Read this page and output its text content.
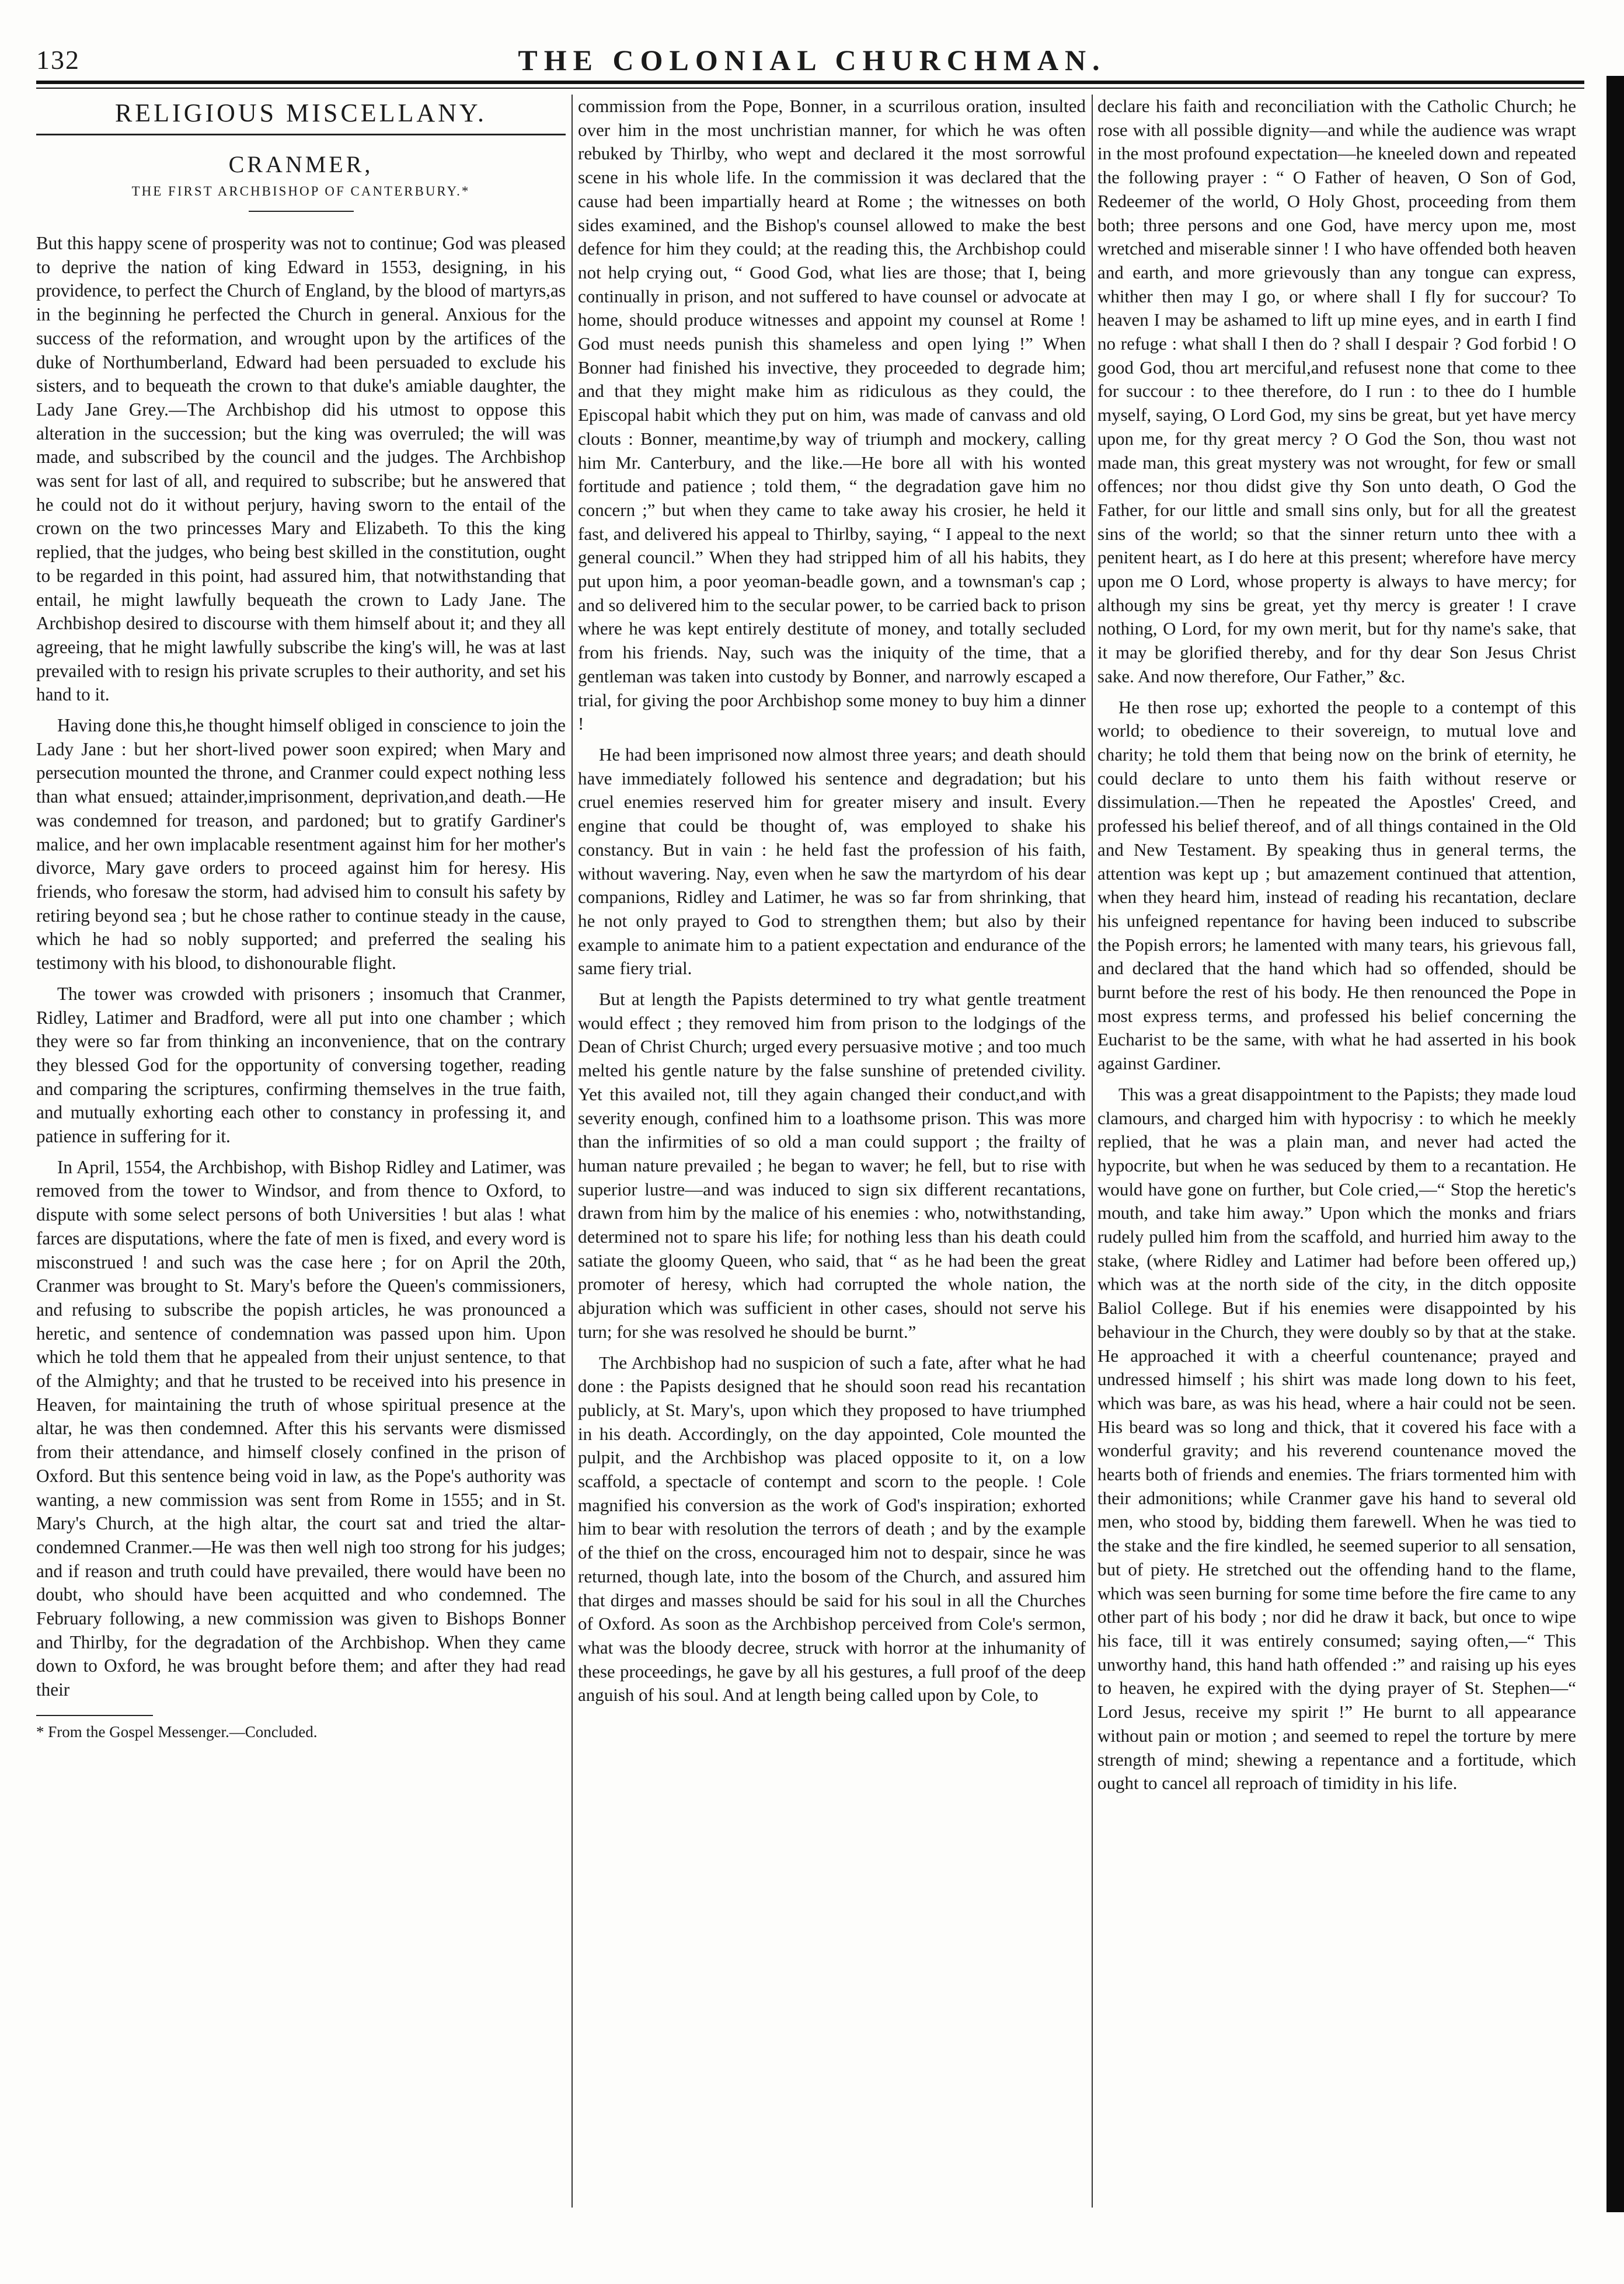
132	THE COLONIAL CHURCHMAN.
RELIGIOUS MISCELLANY.
CRANMER,
THE FIRST ARCHBISHOP OF CANTERBURY.*

But this happy scene of prosperity was not to continue; God was pleased to deprive the nation of king Edward in 1553, designing, in his providence, to perfect the Church of England, by the blood of martyrs,as in the beginning he perfected the Church in general. Anxious for the success of the reformation, and wrought upon by the artifices of the duke of Northumberland, Edward had been persuaded to exclude his sisters, and to bequeath the crown to that duke's amiable daughter, the Lady Jane Grey.—The Archbishop did his utmost to oppose this alteration in the succession; but the king was overruled; the will was made, and subscribed by the council and the judges. The Archbishop was sent for last of all, and required to subscribe; but he answered that he could not do it without perjury, having sworn to the entail of the crown on the two princesses Mary and Elizabeth. To this the king replied, that the judges, who being best skilled in the constitution, ought to be regarded in this point, had assured him, that notwithstanding that entail, he might lawfully bequeath the crown to Lady Jane. The Archbishop desired to discourse with them himself about it; and they all agreeing, that he might lawfully subscribe the king's will, he was at last prevailed with to resign his private scruples to their authority, and set his hand to it.

Having done this,he thought himself obliged in conscience to join the Lady Jane : but her short-lived power soon expired; when Mary and persecution mounted the throne, and Cranmer could expect nothing less than what ensued; attainder,imprisonment, deprivation,and death.—He was condemned for treason, and pardoned; but to gratify Gardiner's malice, and her own implacable resentment against him for her mother's divorce, Mary gave orders to proceed against him for heresy. His friends, who foresaw the storm, had advised him to consult his safety by retiring beyond sea ; but he chose rather to continue steady in the cause, which he had so nobly supported; and preferred the sealing his testimony with his blood, to dishonourable flight.

The tower was crowded with prisoners ; insomuch that Cranmer, Ridley, Latimer and Bradford, were all put into one chamber ; which they were so far from thinking an inconvenience, that on the contrary they blessed God for the opportunity of conversing together, reading and comparing the scriptures, confirming themselves in the true faith, and mutually exhorting each other to constancy in professing it, and patience in suffering for it.

In April, 1554, the Archbishop, with Bishop Ridley and Latimer, was removed from the tower to Windsor, and from thence to Oxford, to dispute with some select persons of both Universities ! but alas ! what farces are disputations, where the fate of men is fixed, and every word is misconstrued ! and such was the case here ; for on April the 20th, Cranmer was brought to St. Mary's before the Queen's commissioners, and refusing to subscribe the popish articles, he was pronounced a heretic, and sentence of condemnation was passed upon him. Upon which he told them that he appealed from their unjust sentence, to that of the Almighty; and that he trusted to be received into his presence in Heaven, for maintaining the truth of whose spiritual presence at the altar, he was then condemned. After this his servants were dismissed from their attendance, and himself closely confined in the prison of Oxford. But this sentence being void in law, as the Pope's authority was wanting, a new commission was sent from Rome in 1555; and in St. Mary's Church, at the high altar, the court sat and tried the altar-condemned Cranmer.—He was then well nigh too strong for his judges; and if reason and truth could have prevailed, there would have been no doubt, who should have been acquitted and who condemned. The February following, a new commission was given to Bishops Bonner and Thirlby, for the degradation of the Archbishop. When they came down to Oxford, he was brought before them; and after they had read their

* From the Gospel Messenger.—Concluded.

commission from the Pope, Bonner, in a scurrilous oration, insulted over him in the most unchristian manner, for which he was often rebuked by Thirlby, who wept and declared it the most sorrowful scene in his whole life. In the commission it was declared that the cause had been impartially heard at Rome ; the witnesses on both sides examined, and the Bishop's counsel allowed to make the best defence for him they could; at the reading this, the Archbishop could not help crying out, “ Good God, what lies are those; that I, being continually in prison, and not suffered to have counsel or advocate at home, should produce witnesses and appoint my counsel at Rome ! God must needs punish this shameless and open lying !” When Bonner had finished his invective, they proceeded to degrade him; and that they might make him as ridiculous as they could, the Episcopal habit which they put on him, was made of canvass and old clouts : Bonner, meantime,by way of triumph and mockery, calling him Mr. Canterbury, and the like.—He bore all with his wonted fortitude and patience ; told them, “ the degradation gave him no concern ;” but when they came to take away his crosier, he held it fast, and delivered his appeal to Thirlby, saying, “ I appeal to the next general council.” When they had stripped him of all his habits, they put upon him, a poor yeoman-beadle gown, and a townsman's cap ; and so delivered him to the secular power, to be carried back to prison where he was kept entirely destitute of money, and totally secluded from his friends. Nay, such was the iniquity of the time, that a gentleman was taken into custody by Bonner, and narrowly escaped a trial, for giving the poor Archbishop some money to buy him a dinner !

He had been imprisoned now almost three years; and death should have immediately followed his sentence and degradation; but his cruel enemies reserved him for greater misery and insult. Every engine that could be thought of, was employed to shake his constancy. But in vain : he held fast the profession of his faith, without wavering. Nay, even when he saw the martyrdom of his dear companions, Ridley and Latimer, he was so far from shrinking, that he not only prayed to God to strengthen them; but also by their example to animate him to a patient expectation and endurance of the same fiery trial.

But at length the Papists determined to try what gentle treatment would effect ; they removed him from prison to the lodgings of the Dean of Christ Church; urged every persuasive motive ; and too much melted his gentle nature by the false sunshine of pretended civility. Yet this availed not, till they again changed their conduct,and with severity enough, confined him to a loathsome prison. This was more than the infirmities of so old a man could support ; the frailty of human nature prevailed ; he began to waver; he fell, but to rise with superior lustre—and was induced to sign six different recantations, drawn from him by the malice of his enemies : who, notwithstanding, determined not to spare his life; for nothing less than his death could satiate the gloomy Queen, who said, that “ as he had been the great promoter of heresy, which had corrupted the whole nation, the abjuration which was sufficient in other cases, should not serve his turn; for she was resolved he should be burnt.”

The Archbishop had no suspicion of such a fate, after what he had done : the Papists designed that he should soon read his recantation publicly, at St. Mary's, upon which they proposed to have triumphed in his death. Accordingly, on the day appointed, Cole mounted the pulpit, and the Archbishop was placed opposite to it, on a low scaffold, a spectacle of contempt and scorn to the people. ! Cole magnified his conversion as the work of God's inspiration; exhorted him to bear with resolution the terrors of death ; and by the example of the thief on the cross, encouraged him not to despair, since he was returned, though late, into the bosom of the Church, and assured him that dirges and masses should be said for his soul in all the Churches of Oxford. As soon as the Archbishop perceived from Cole's sermon, what was the bloody decree, struck with horror at the inhumanity of these proceedings, he gave by all his gestures, a full proof of the deep anguish of his soul. And at length being called upon by Cole, to

declare his faith and reconciliation with the Catholic Church; he rose with all possible dignity—and while the audience was wrapt in the most profound expectation—he kneeled down and repeated the following prayer : “ O Father of heaven, O Son of God, Redeemer of the world, O Holy Ghost, proceeding from them both; three persons and one God, have mercy upon me, most wretched and miserable sinner ! I who have offended both heaven and earth, and more grievously than any tongue can express, whither then may I go, or where shall I fly for succour? To heaven I may be ashamed to lift up mine eyes, and in earth I find no refuge : what shall I then do ? shall I despair ? God forbid ! O good God, thou art merciful,and refusest none that come to thee for succour : to thee therefore, do I run : to thee do I humble myself, saying, O Lord God, my sins be great, but yet have mercy upon me, for thy great mercy ? O God the Son, thou wast not made man, this great mystery was not wrought, for few or small offences; nor thou didst give thy Son unto death, O God the Father, for our little and small sins only, but for all the greatest sins of the world; so that the sinner return unto thee with a penitent heart, as I do here at this present; wherefore have mercy upon me O Lord, whose property is always to have mercy; for although my sins be great, yet thy mercy is greater ! I crave nothing, O Lord, for my own merit, but for thy name's sake, that it may be glorified thereby, and for thy dear Son Jesus Christ sake. And now therefore, Our Father,” &c.

He then rose up; exhorted the people to a contempt of this world; to obedience to their sovereign, to mutual love and charity; he told them that being now on the brink of eternity, he could declare to unto them his faith without reserve or dissimulation.—Then he repeated the Apostles' Creed, and professed his belief thereof, and of all things contained in the Old and New Testament. By speaking thus in general terms, the attention was kept up ; but amazement continued that attention, when they heard him, instead of reading his recantation, declare his unfeigned repentance for having been induced to subscribe the Popish errors; he lamented with many tears, his grievous fall, and declared that the hand which had so offended, should be burnt before the rest of his body. He then renounced the Pope in most express terms, and professed his belief concerning the Eucharist to be the same, with what he had asserted in his book against Gardiner.

This was a great disappointment to the Papists; they made loud clamours, and charged him with hypocrisy : to which he meekly replied, that he was a plain man, and never had acted the hypocrite, but when he was seduced by them to a recantation. He would have gone on further, but Cole cried,—“ Stop the heretic's mouth, and take him away.” Upon which the monks and friars rudely pulled him from the scaffold, and hurried him away to the stake, (where Ridley and Latimer had before been offered up,) which was at the north side of the city, in the ditch opposite Baliol College. But if his enemies were disappointed by his behaviour in the Church, they were doubly so by that at the stake. He approached it with a cheerful countenance; prayed and undressed himself ; his shirt was made long down to his feet, which was bare, as was his head, where a hair could not be seen. His beard was so long and thick, that it covered his face with a wonderful gravity; and his reverend countenance moved the hearts both of friends and enemies. The friars tormented him with their admonitions; while Cranmer gave his hand to several old men, who stood by, bidding them farewell. When he was tied to the stake and the fire kindled, he seemed superior to all sensation, but of piety. He stretched out the offending hand to the flame, which was seen burning for some time before the fire came to any other part of his body ; nor did he draw it back, but once to wipe his face, till it was entirely consumed; saying often,—“ This unworthy hand, this hand hath offended :” and raising up his eyes to heaven, he expired with the dying prayer of St. Stephen—“ Lord Jesus, receive my spirit !” He burnt to all appearance without pain or motion ; and seemed to repel the torture by mere strength of mind; shewing a repentance and a fortitude, which ought to cancel all reproach of timidity in his life.
